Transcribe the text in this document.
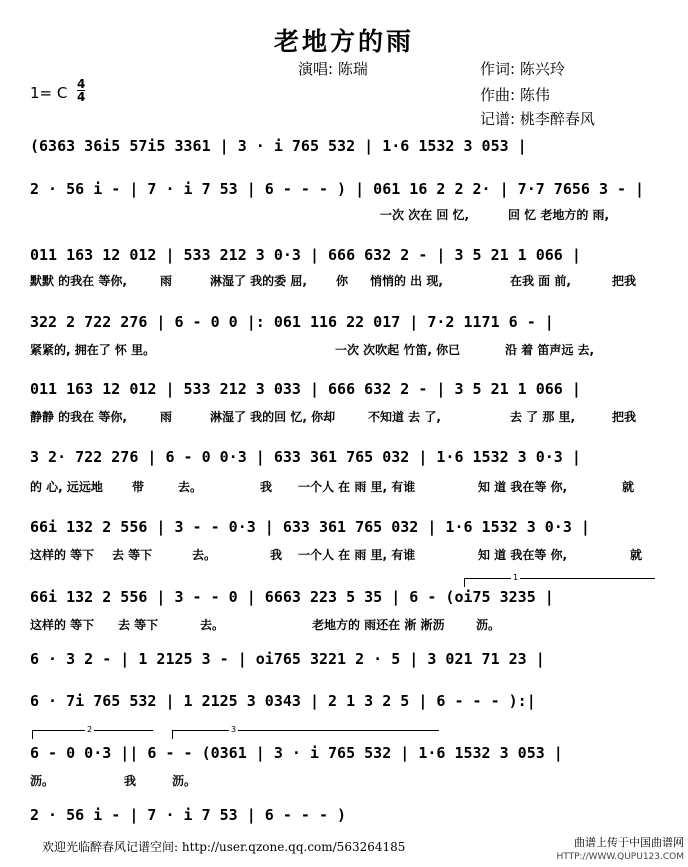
老地方的雨
演唱: 陈瑞	作词: 陈兴玲
作曲: 陈伟
记谱: 桃李醉春风
1= C 4
4
(6363 36i5 57i5 3361 | 3 · i 765 532 | 1·6 1532 3 053 |
2 · 56 i - | 7 · i 7 53 | 6 - - - ) | 061 16 2 2 2· | 7·7 7656 3 - |
一次 次在 回 忆,	回 忆 老地方的 雨,
011 163 12 012 | 533 212 3 0·3 | 666 632 2 - | 3 5 21 1 066 |
默默 的我在 等你,	雨	淋湿了 我的委 屈, 你 悄悄的 出 现,	在我 面 前,	把我
322 2 722 276 | 6 - 0 0 |: 061 116 22 017 | 7·2 1171 6 - |
紧紧的, 拥在了 怀 里。	一次 次吹起 竹笛, 你已	沿 着 笛声远 去,
011 163 12 012 | 533 212 3 033 | 666 632 2 - | 3 5 21 1 066 |
静静 的我在 等你,	雨	淋湿了 我的回 忆, 你却	不知道 去 了,	去 了 那 里,	把我
3 2· 722 276 | 6 - 0 0·3 | 633 361 765 032 | 1·6 1532 3 0·3 |
的 心, 远远地 带	去。	我 一个人 在 雨 里, 有谁	知 道 我在等 你,	就
66i 132 2 556 | 3 - - 0·3 | 633 361 765 032 | 1·6 1532 3 0·3 |
这样的 等下 去 等下	去。	我 一个人 在 雨 里, 有谁	知 道 我在等 你,	就
66i 132 2 556 | 3 - - 0 | 6663 223 5 35 | 6 - (oi75 3235 |
这样的 等下 去 等下	去。	老地方的 雨还在 淅 淅沥	沥。
1
6 · 3 2 - | 1 2125 3 - | oi765 3221 2 · 5 | 3 021 71 23 |
6 · 7i 765 532 | 1 2125 3 0343 | 2 1 3 2 5 | 6 - - - ):|
2	3
6 - 0 0·3 || 6 - - (0361 | 3 · i 765 532 | 1·6 1532 3 053 |
沥。	我	沥。
2 · 56 i - | 7 · i 7 53 | 6 - - - )
欢迎光临醉春风记谱空间: http://user.qzone.qq.com/563264185	曲谱上传于中国曲谱网
HTTP://WWW.QUPU123.COM
